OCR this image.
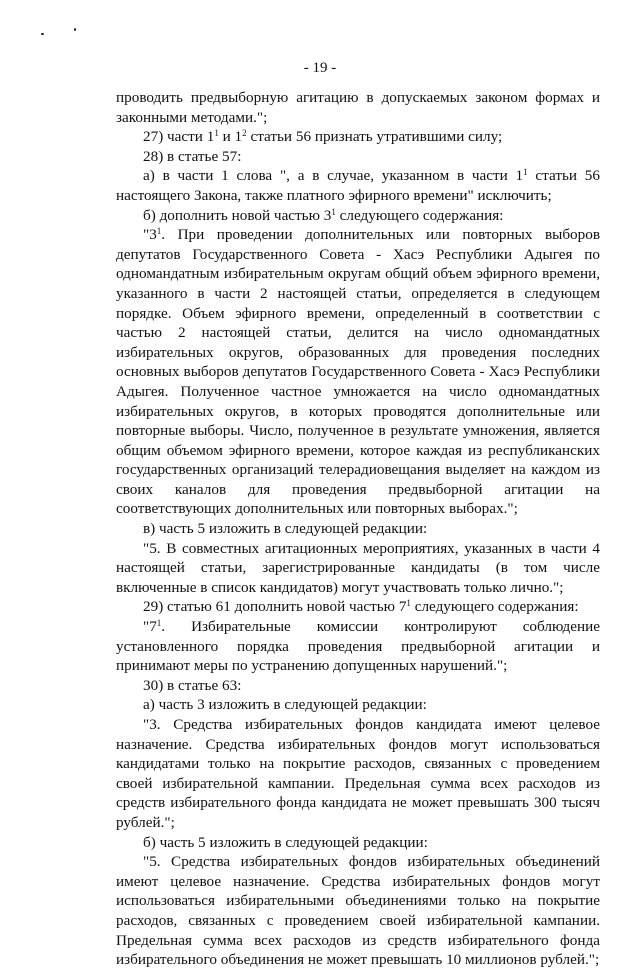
- 19 -

проводить предвыборную агитацию в допускаемых законом формах и законными методами.";

27) части $1^1$ и $1^2$ статьи 56 признать утратившими силу;

28) в статье 57:

а) в части 1 слова ", а в случае, указанном в части $1^1$ статьи 56 настоящего Закона, также платного эфирного времени" исключить;

б) дополнить новой частью $3^1$ следующего содержания:

"$3^1$. При проведении дополнительных или повторных выборов депутатов Государственного Совета - Хасэ Республики Адыгея по одномандатным избирательным округам общий объем эфирного времени, указанного в части 2 настоящей статьи, определяется в следующем порядке. Объем эфирного времени, определенный в соответствии с частью 2 настоящей статьи, делится на число одномандатных избирательных округов, образованных для проведения последних основных выборов депутатов Государственного Совета - Хасэ Республики Адыгея. Полученное частное умножается на число одномандатных избирательных округов, в которых проводятся дополнительные или повторные выборы. Число, полученное в результате умножения, является общим объемом эфирного времени, которое каждая из республиканских государственных организаций телерадиовещания выделяет на каждом из своих каналов для проведения предвыборной агитации на соответствующих дополнительных или повторных выборах.";

в) часть 5 изложить в следующей редакции:

"5. В совместных агитационных мероприятиях, указанных в части 4 настоящей статьи, зарегистрированные кандидаты (в том числе включенные в список кандидатов) могут участвовать только лично.";

29) статью 61 дополнить новой частью $7^1$ следующего содержания:

"$7^1$. Избирательные комиссии контролируют соблюдение установленного порядка проведения предвыборной агитации и принимают меры по устранению допущенных нарушений.";

30) в статье 63:

а) часть 3 изложить в следующей редакции:

"3. Средства избирательных фондов кандидата имеют целевое назначение. Средства избирательных фондов могут использоваться кандидатами только на покрытие расходов, связанных с проведением своей избирательной кампании. Предельная сумма всех расходов из средств избирательного фонда кандидата не может превышать 300 тысяч рублей.";

б) часть 5 изложить в следующей редакции:

"5. Средства избирательных фондов избирательных объединений имеют целевое назначение. Средства избирательных фондов могут использоваться избирательными объединениями только на покрытие расходов, связанных с проведением своей избирательной кампании. Предельная сумма всех расходов из средств избирательного фонда избирательного объединения не может превышать 10 миллионов рублей.";
